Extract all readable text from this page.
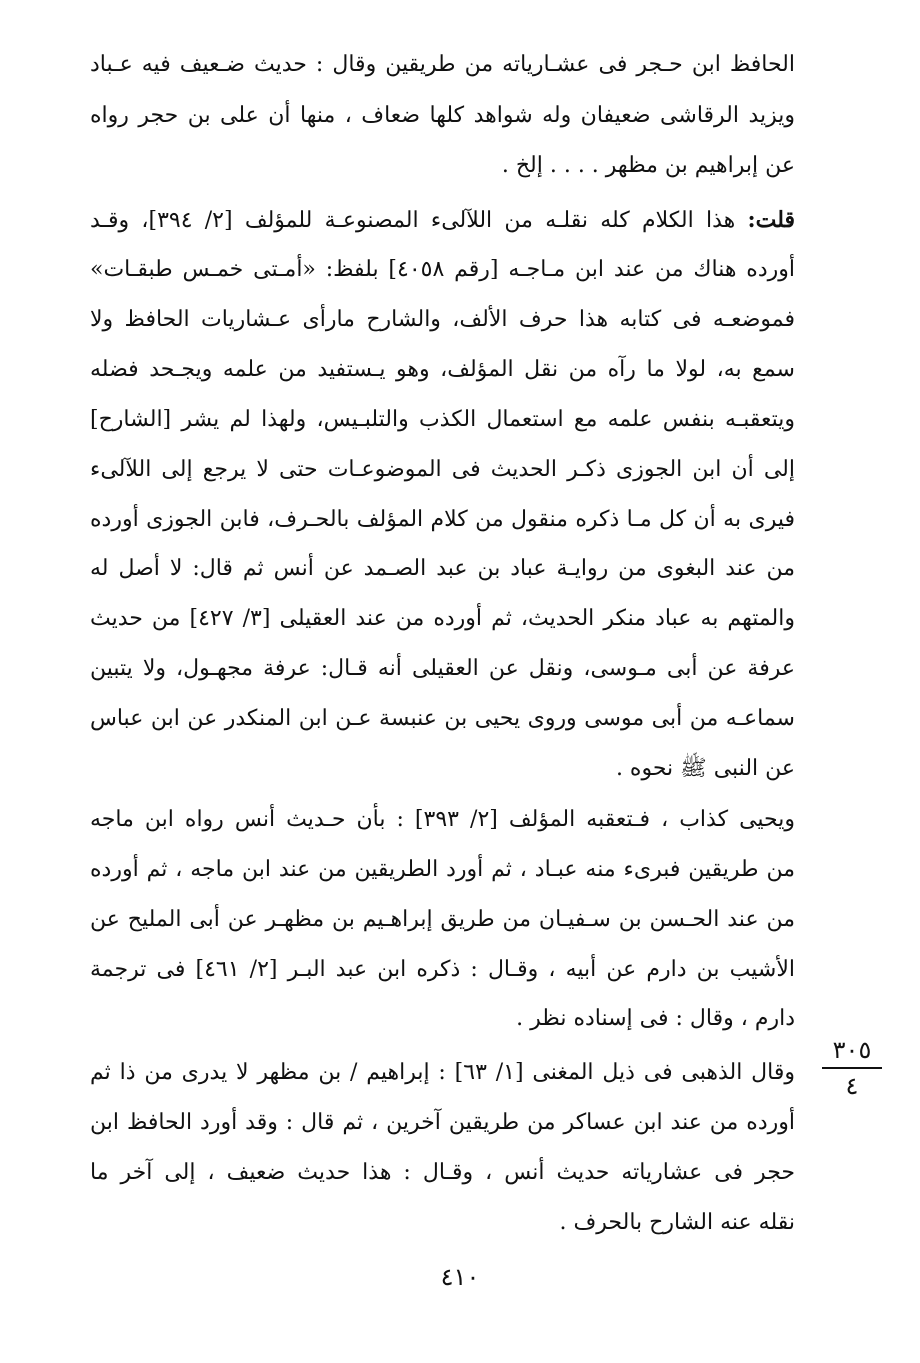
الحافظ ابن حـجر فى عشـارياته من طريقين وقال : حديث ضـعيف فيه عـباد
ويزيد الرقاشى ضعيفان وله شواهد كلها ضعاف ، منها أن على بن حجر رواه
عن إبراهيم بن مظهر . . . . إلخ .
قلت: هذا الكلام كله نقلـه من اللآلىء المصنوعـة للمؤلف [٢/ ٣٩٤]، وقـد
أورده هناك من عند ابن مـاجـه [رقم ٤٠٥٨] بلفظ: «أمـتى خمـس طبقـات»
فموضعـه فى كتابه هذا حرف الألف، والشارح مارأى عـشاريات الحافظ ولا
سمع به، لولا ما رآه من نقل المؤلف، وهو يـستفيد من علمه ويجـحد فضله
ويتعقبـه بنفس علمه مع استعمال الكذب والتلبـيس، ولهذا لم يشر [الشارح]
إلى أن ابن الجوزى ذكـر الحديث فى الموضوعـات حتى لا يرجع إلى اللآلىء
فيرى به أن كل مـا ذكره منقول من كلام المؤلف بالحـرف، فابن الجوزى أورده
من عند البغوى من روايـة عباد بن عبد الصـمد عن أنس ثم قال: لا أصل له
والمتهم به عباد منكر الحديث، ثم أورده من عند العقيلى [٣/ ٤٢٧] من حديث
عرفة عن أبى مـوسى، ونقل عن العقيلى أنه قـال: عرفة مجهـول، ولا يتبين
سماعـه من أبى موسى وروى يحيى بن عنبسة عـن ابن المنكدر عن ابن عباس
عن النبى ﷺ نحوه .
ويحيى كذاب ، فـتعقبه المؤلف [٢/ ٣٩٣] : بأن حـديث أنس رواه ابن ماجه
من طريقين فبرىء منه عبـاد ، ثم أورد الطريقين من عند ابن ماجه ، ثم أورده
من عند الحـسن بن سـفيـان من طريق إبراهـيم بن مظهـر عن أبى المليح عن
الأشيب بن دارم عن أبيه ، وقـال : ذكره ابن عبد البـر [٢/ ٤٦١] فى ترجمة
دارم ، وقال : فى إسناده نظر .
وقال الذهبى فى ذيل المغنى [١/ ٦٣] : إبراهيم / بن مظهر لا يدرى من ذا ثم
أورده من عند ابن عساكر من طريقين آخرين ، ثم قال : وقد أورد الحافظ ابن
حجر فى عشارياته حديث أنس ، وقـال : هذا حديث ضعيف ، إلى آخر ما
نقله عنه الشارح بالحرف .
٣٠٥
٤
٤١٠
